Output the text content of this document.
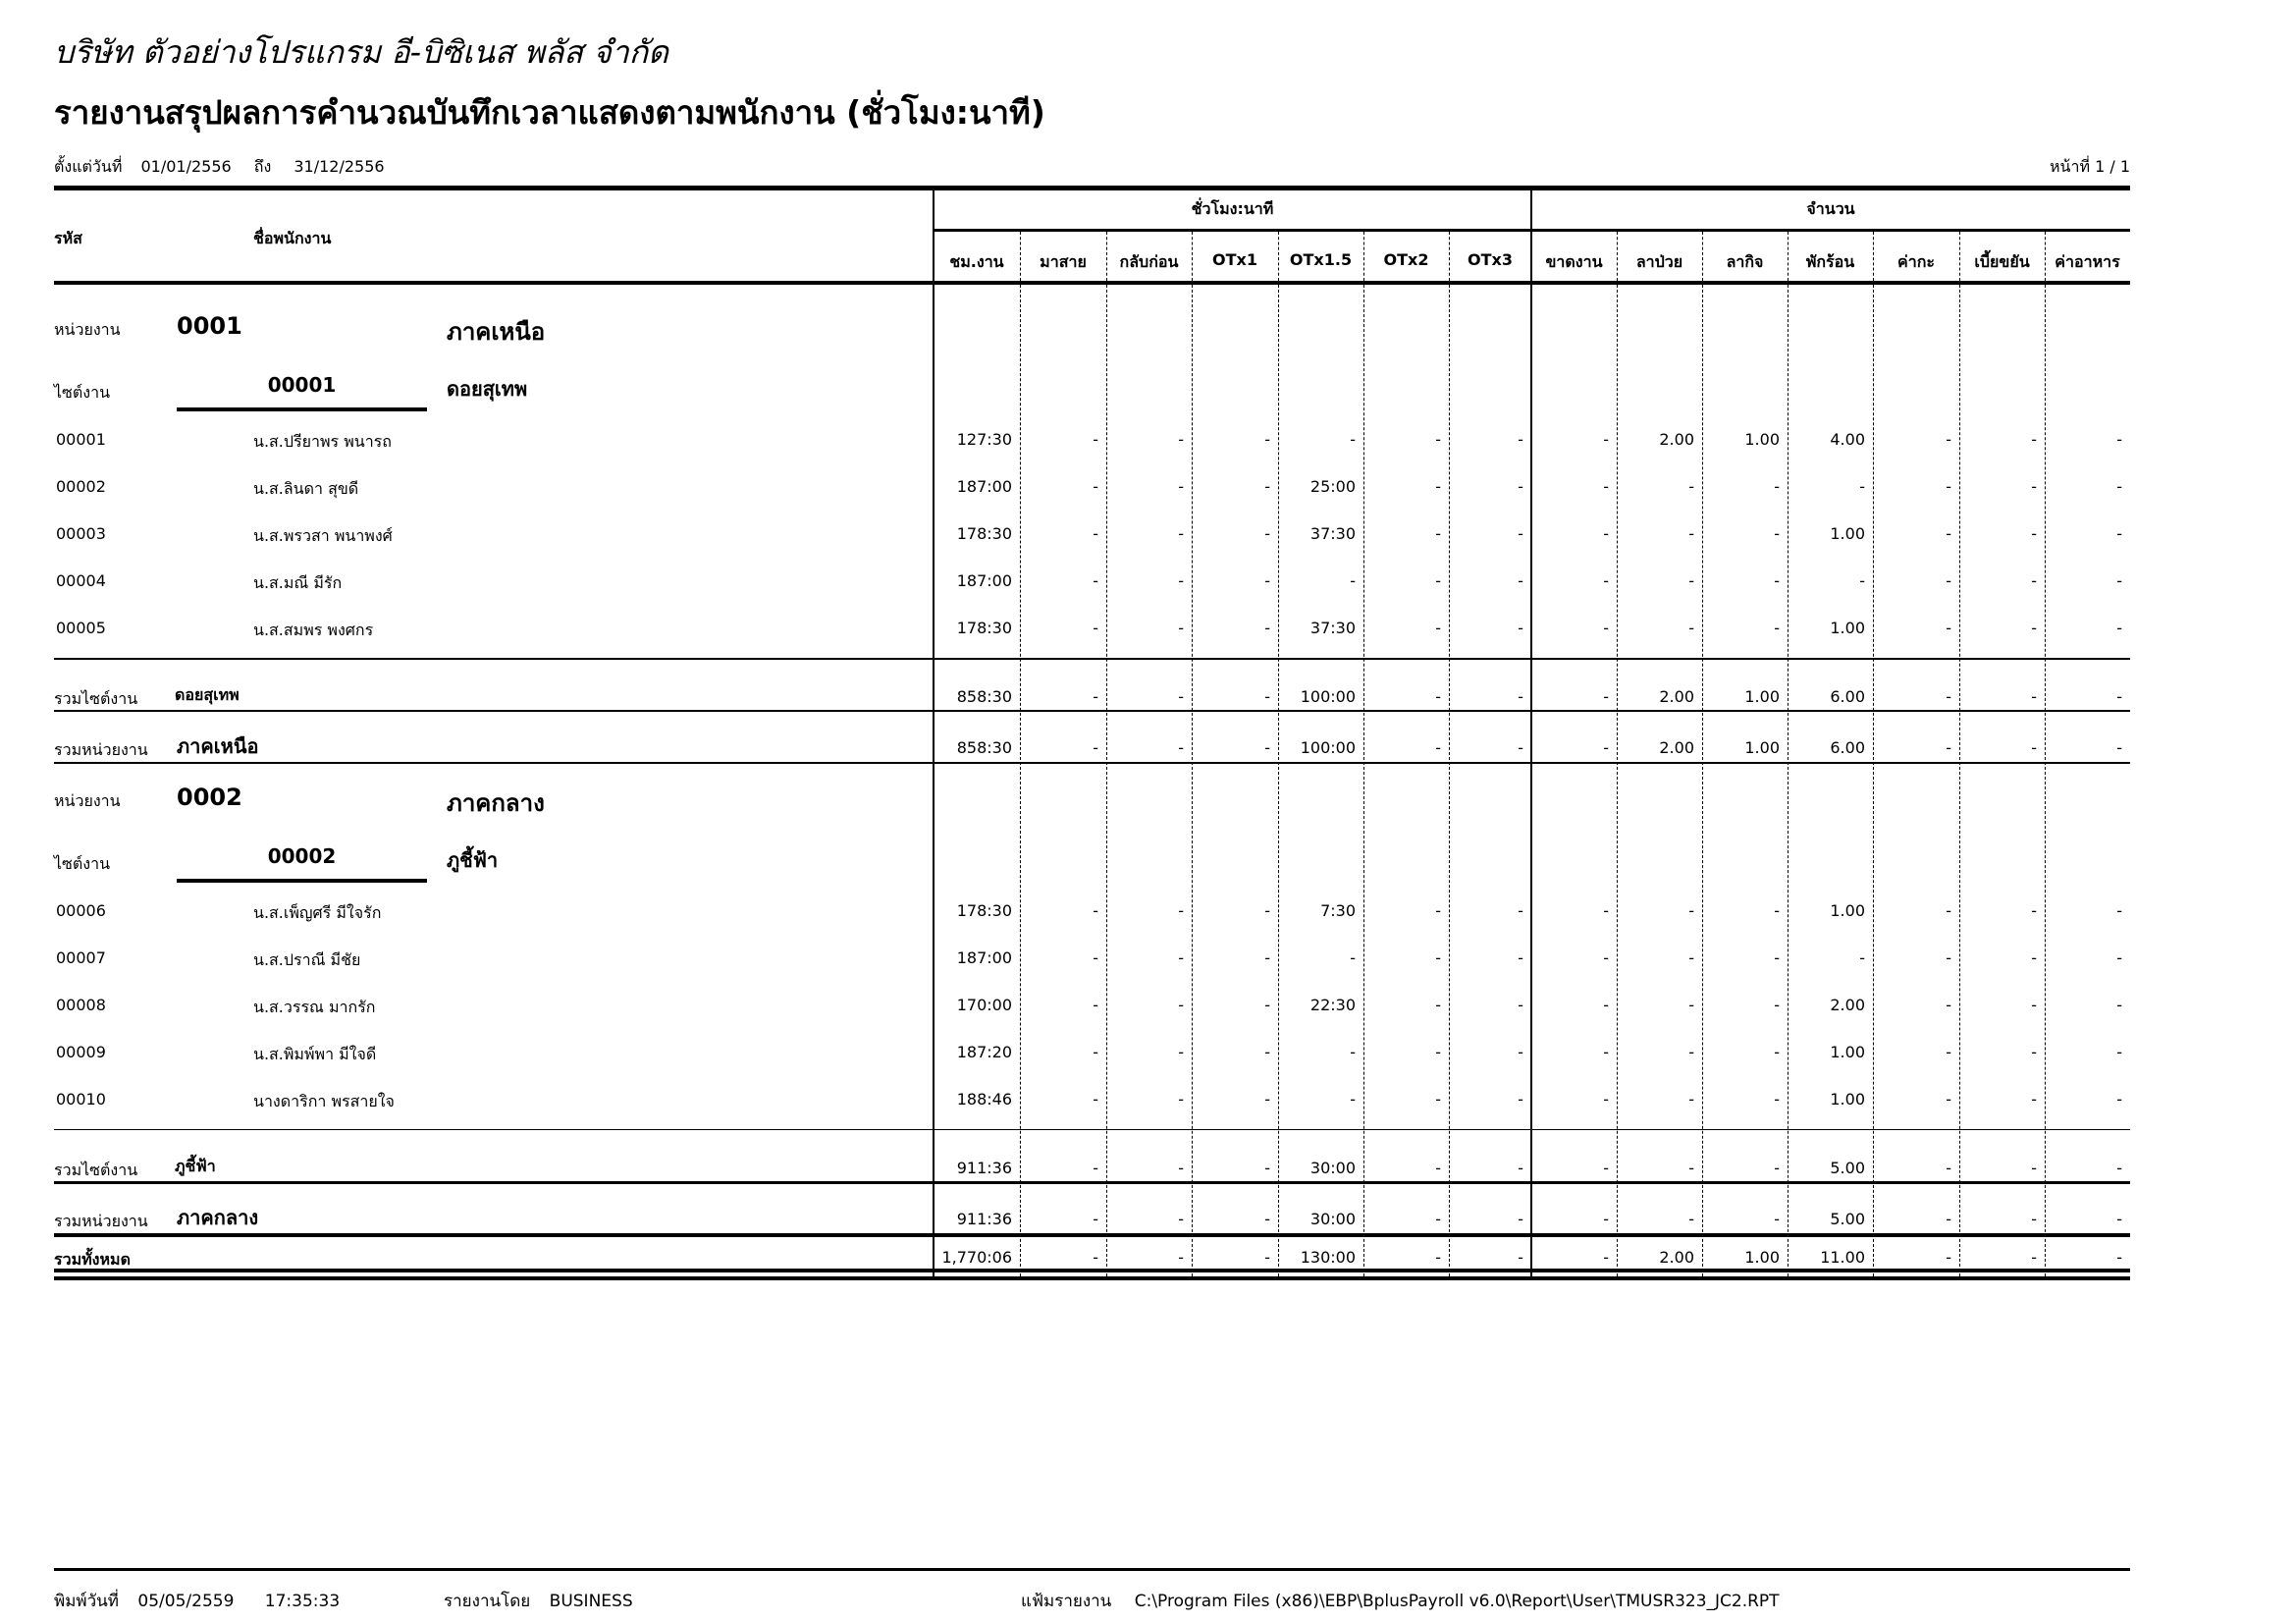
บริษัท ตัวอย่างโปรแกรม อี-บิซิเนส พลัส จำกัด
รายงานสรุปผลการคำนวณบันทึกเวลาแสดงตามพนักงาน (ชั่วโมง:นาที)
ตั้งแต่วันที่ 01/01/2556 ถึง 31/12/2556	หน้าที่ 1 / 1
รหัส	ชื่อพนักงาน
ชั่วโมง:นาที	จำนวน
ชม.งาน	มาสาย	กลับก่อน	OTx1	OTx1.5	OTx2	OTx3	ขาดงาน	ลาป่วย	ลากิจ	พักร้อน	ค่ากะ	เบี้ยขยัน	ค่าอาหาร
หน่วยงาน 0001	ภาคเหนือ
ไซต์งาน	00001	ดอยสุเทพ
00001	น.ส.ปรียาพร พนารถ	127:30	-	-	-	-	-	-	-	2.00	1.00	4.00	-	-	-
00002	น.ส.ลินดา สุขดี	187:00	-	-	-	25:00	-	-	-	-	-	-	-	-	-
00003	น.ส.พรวสา พนาพงศ์	178:30	-	-	-	37:30	-	-	-	-	-	1.00	-	-	-
00004	น.ส.มณี มีรัก	187:00	-	-	-	-	-	-	-	-	-	-	-	-	-
00005	น.ส.สมพร พงศกร	178:30	-	-	-	37:30	-	-	-	-	-	1.00	-	-	-
รวมไซต์งาน ดอยสุเทพ	858:30	-	-	-	100:00	-	-	-	2.00	1.00	6.00	-	-	-
รวมหน่วยงาน ภาคเหนือ	858:30	-	-	-	100:00	-	-	-	2.00	1.00	6.00	-	-	-
หน่วยงาน 0002	ภาคกลาง
ไซต์งาน	00002	ภูชี้ฟ้า
00006	น.ส.เพ็ญศรี มีใจรัก	178:30	-	-	-	7:30	-	-	-	-	-	1.00	-	-	-
00007	น.ส.ปราณี มีชัย	187:00	-	-	-	-	-	-	-	-	-	-	-	-	-
00008	น.ส.วรรณ มากรัก	170:00	-	-	-	22:30	-	-	-	-	-	2.00	-	-	-
00009	น.ส.พิมพ์พา มีใจดี	187:20	-	-	-	-	-	-	-	-	-	1.00	-	-	-
00010	นางดาริกา พรสายใจ	188:46	-	-	-	-	-	-	-	-	-	1.00	-	-	-
รวมไซต์งาน ภูชี้ฟ้า	911:36	-	-	-	30:00	-	-	-	-	-	5.00	-	-	-
รวมหน่วยงาน ภาคกลาง	911:36	-	-	-	30:00	-	-	-	-	-	5.00	-	-	-
รวมทั้งหมด	1,770:06	-	-	-	130:00	-	-	-	2.00	1.00	11.00	-	-	-
พิมพ์วันที่ 05/05/2559 17:35:33	รายงานโดย BUSINESS	แฟ้มรายงาน C:\Program Files (x86)\EBP\BplusPayroll v6.0\Report\User\TMUSR323_JC2.RPT
